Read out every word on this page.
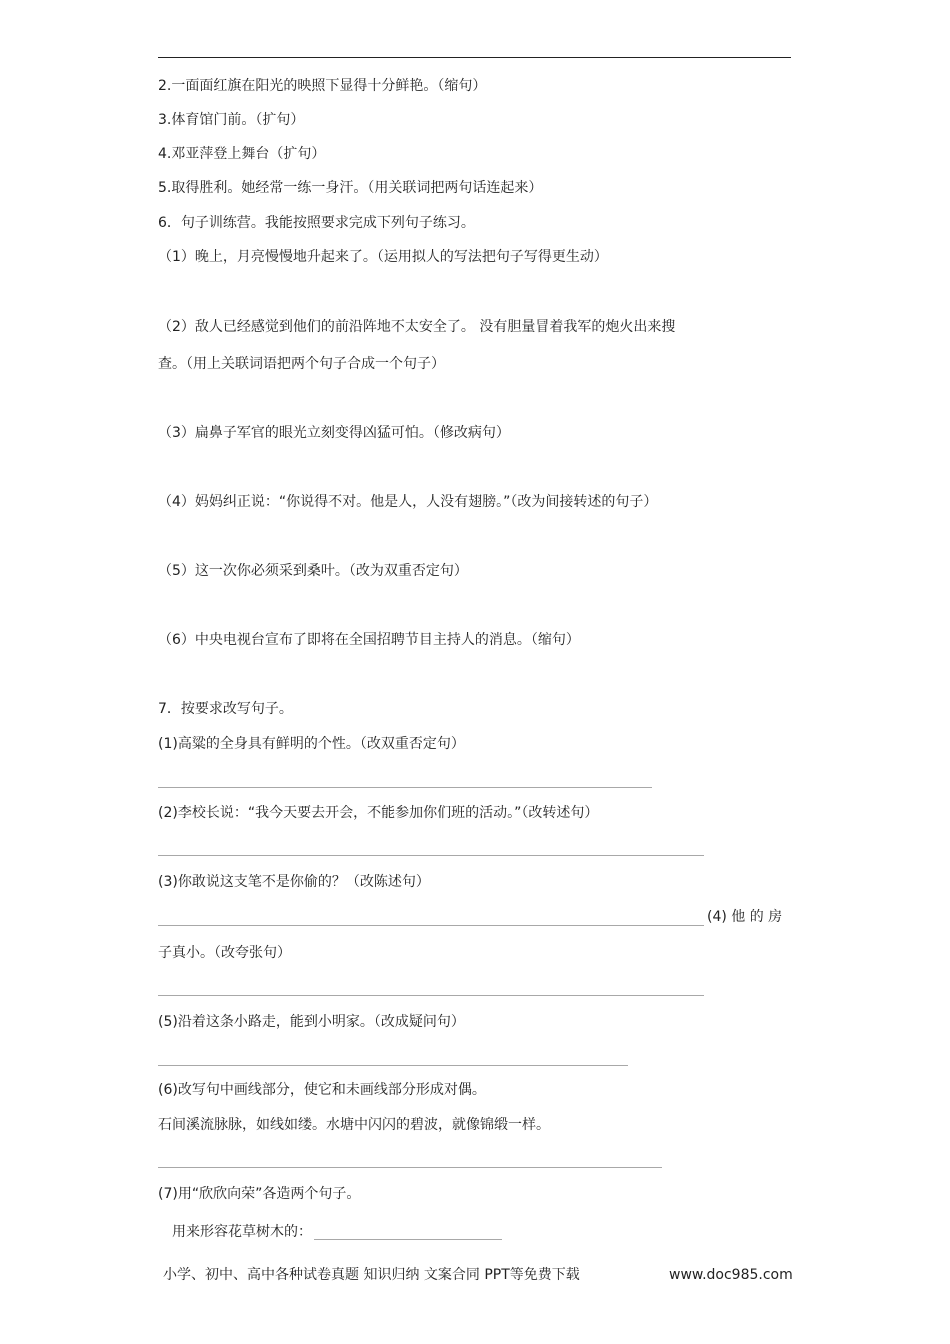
2.一面面红旗在阳光的映照下显得十分鲜艳。（缩句）
3.体育馆门前。（扩句）
4.邓亚萍登上舞台（扩句）
5.取得胜利。她经常一练一身汗。（用关联词把两句话连起来）
6．句子训练营。我能按照要求完成下列句子练习。
（1）晚上，月亮慢慢地升起来了。（运用拟人的写法把句子写得更生动）
（2）敌人已经感觉到他们的前沿阵地不太安全了。 没有胆量冒着我军的炮火出来搜
查。（用上关联词语把两个句子合成一个句子）
（3）扁鼻子军官的眼光立刻变得凶猛可怕。（修改病句）
（4）妈妈纠正说：“你说得不对。他是人，人没有翅膀。”（改为间接转述的句子）
（5）这一次你必须采到桑叶。（改为双重否定句）
（6）中央电视台宣布了即将在全国招聘节目主持人的消息。（缩句）
7．按要求改写句子。
(1)高粱的全身具有鲜明的个性。（改双重否定句）
(2)李校长说：“我今天要去开会，不能参加你们班的活动。”（改转述句）
(3)你敢说这支笔不是你偷的？（改陈述句）
(4) 他 的 房
子真小。（改夸张句）
(5)沿着这条小路走，能到小明家。（改成疑问句）
(6)改写句中画线部分，使它和未画线部分形成对偶。
石间溪流脉脉，如线如缕。水塘中闪闪的碧波，就像锦缎一样。
(7)用“欣欣向荣”各造两个句子。
用来形容花草树木的：
小学、初中、高中各种试卷真题 知识归纳 文案合同 PPT等免费下载	www.doc985.com
